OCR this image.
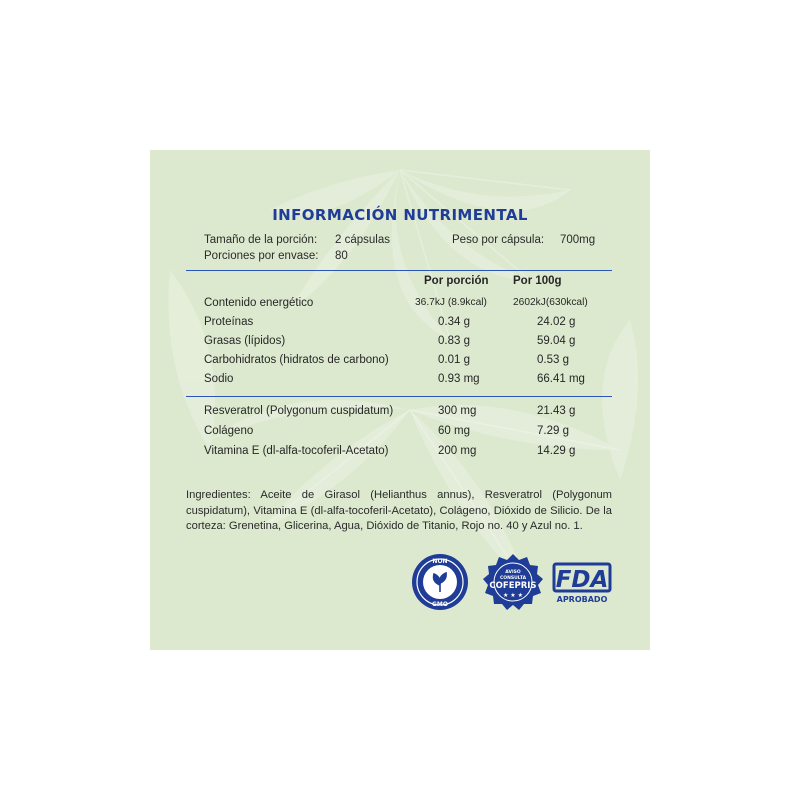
INFORMACIÓN NUTRIMENTAL
Tamaño de la porción: 2 cápsulas	Peso por cápsula: 700mg
Porciones por envase: 80
Por porción Por 100g
Contenido energético	36.7kJ (8.9kcal)	2602kJ(630kcal)
Proteínas	0.34 g	24.02 g
Grasas (lípidos)	0.83 g	59.04 g
Carbohidratos (hidratos de carbono)	0.01 g	0.53 g
Sodio	0.93 mg	66.41 mg
Resveratrol (Polygonum cuspidatum)	300 mg	21.43 g
Colágeno	60 mg	7.29 g
Vitamina E (dl-alfa-tocoferil-Acetato)	200 mg	14.29 g
Ingredientes: Aceite de Girasol (Helianthus annus), Resveratrol (Polygonum cuspidatum), Vitamina E (dl-alfa-tocoferil-Acetato), Colágeno, Dióxido de Silicio. De la corteza: Grenetina, Glicerina, Agua, Dióxido de Titanio, Rojo no. 40 y Azul no. 1.
NON
GMO
AVISO
CONSULTA
COFEPRIS
★ ★ ★
FDA
APROBADO
